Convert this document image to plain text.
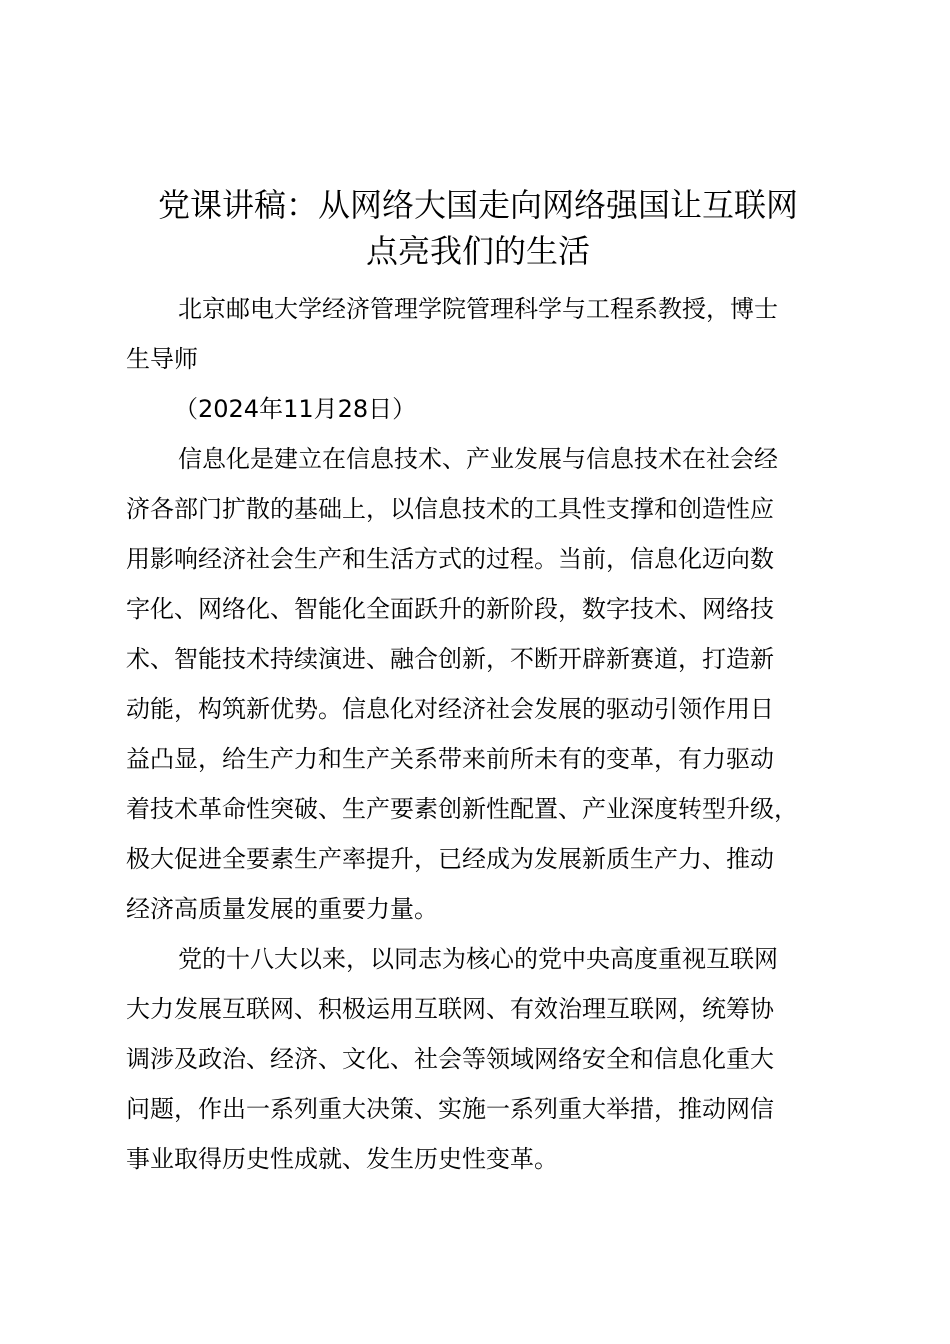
党课讲稿：从网络大国走向网络强国让互联网
点亮我们的生活

北京邮电大学经济管理学院管理科学与工程系教授，博士
生导师

（2024年11月28日）

信息化是建立在信息技术、产业发展与信息技术在社会经
济各部门扩散的基础上，以信息技术的工具性支撑和创造性应
用影响经济社会生产和生活方式的过程。当前，信息化迈向数
字化、网络化、智能化全面跃升的新阶段，数字技术、网络技
术、智能技术持续演进、融合创新，不断开辟新赛道，打造新
动能，构筑新优势。信息化对经济社会发展的驱动引领作用日
益凸显，给生产力和生产关系带来前所未有的变革，有力驱动
着技术革命性突破、生产要素创新性配置、产业深度转型升级，
极大促进全要素生产率提升，已经成为发展新质生产力、推动
经济高质量发展的重要力量。

党的十八大以来，以同志为核心的党中央高度重视互联网
大力发展互联网、积极运用互联网、有效治理互联网，统筹协
调涉及政治、经济、文化、社会等领域网络安全和信息化重大
问题，作出一系列重大决策、实施一系列重大举措，推动网信
事业取得历史性成就、发生历史性变革。
